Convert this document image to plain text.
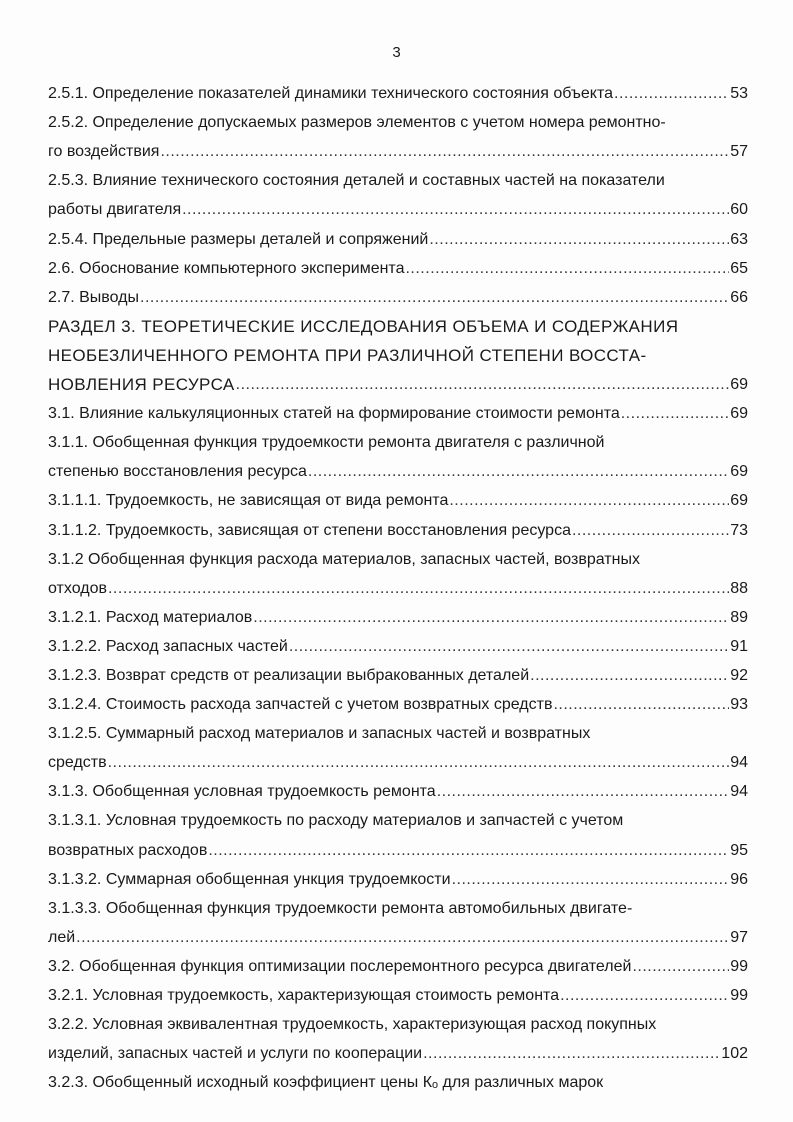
3
2.5.1. Определение показателей динамики технического состояния объекта .....	53
2.5.2. Определение допускаемых размеров элементов с учетом номера ремонтно-
го воздействия .....	57
2.5.3. Влияние технического состояния деталей и составных частей на показатели
работы двигателя .....	60
2.5.4. Предельные размеры деталей и сопряжений .....	63
2.6. Обоснование компьютерного эксперимента .....	65
2.7. Выводы .....	66
РАЗДЕЛ 3. ТЕОРЕТИЧЕСКИЕ ИССЛЕДОВАНИЯ ОБЪЕМА И СОДЕРЖАНИЯ
НЕОБЕЗЛИЧЕННОГО РЕМОНТА ПРИ РАЗЛИЧНОЙ СТЕПЕНИ ВОССТА-
НОВЛЕНИЯ РЕСУРСА .....	69
3.1. Влияние калькуляционных статей на формирование стоимости ремонта .....	69
3.1.1. Обобщенная функция трудоемкости ремонта двигателя с различной
степенью восстановления ресурса .....	69
3.1.1.1. Трудоемкость, не зависящая от вида ремонта .....	69
3.1.1.2. Трудоемкость, зависящая от степени восстановления ресурса .....	73
3.1.2 Обобщенная функция расхода материалов, запасных частей, возвратных
отходов .....	88
3.1.2.1. Расход материалов .....	89
3.1.2.2. Расход запасных частей .....	91
3.1.2.3. Возврат средств от реализации выбракованных деталей .....	92
3.1.2.4. Стоимость расхода запчастей с учетом возвратных средств .....	93
3.1.2.5. Суммарный расход материалов и запасных частей и возвратных
средств .....	94
3.1.3. Обобщенная условная трудоемкость ремонта .....	94
3.1.3.1. Условная трудоемкость по расходу материалов и запчастей с учетом
возвратных расходов .....	95
3.1.3.2. Суммарная обобщенная ункция трудоемкости .....	96
3.1.3.3. Обобщенная функция трудоемкости ремонта автомобильных двигате-
лей .....	97
3.2. Обобщенная функция оптимизации послеремонтного ресурса двигателей .....	99
3.2.1. Условная трудоемкость, характеризующая стоимость ремонта .....	99
3.2.2. Условная эквивалентная трудоемкость, характеризующая расход покупных
изделий, запасных частей и услуги по кооперации .....	102
3.2.3. Обобщенный исходный коэффициент цены Кₒ для различных марок
